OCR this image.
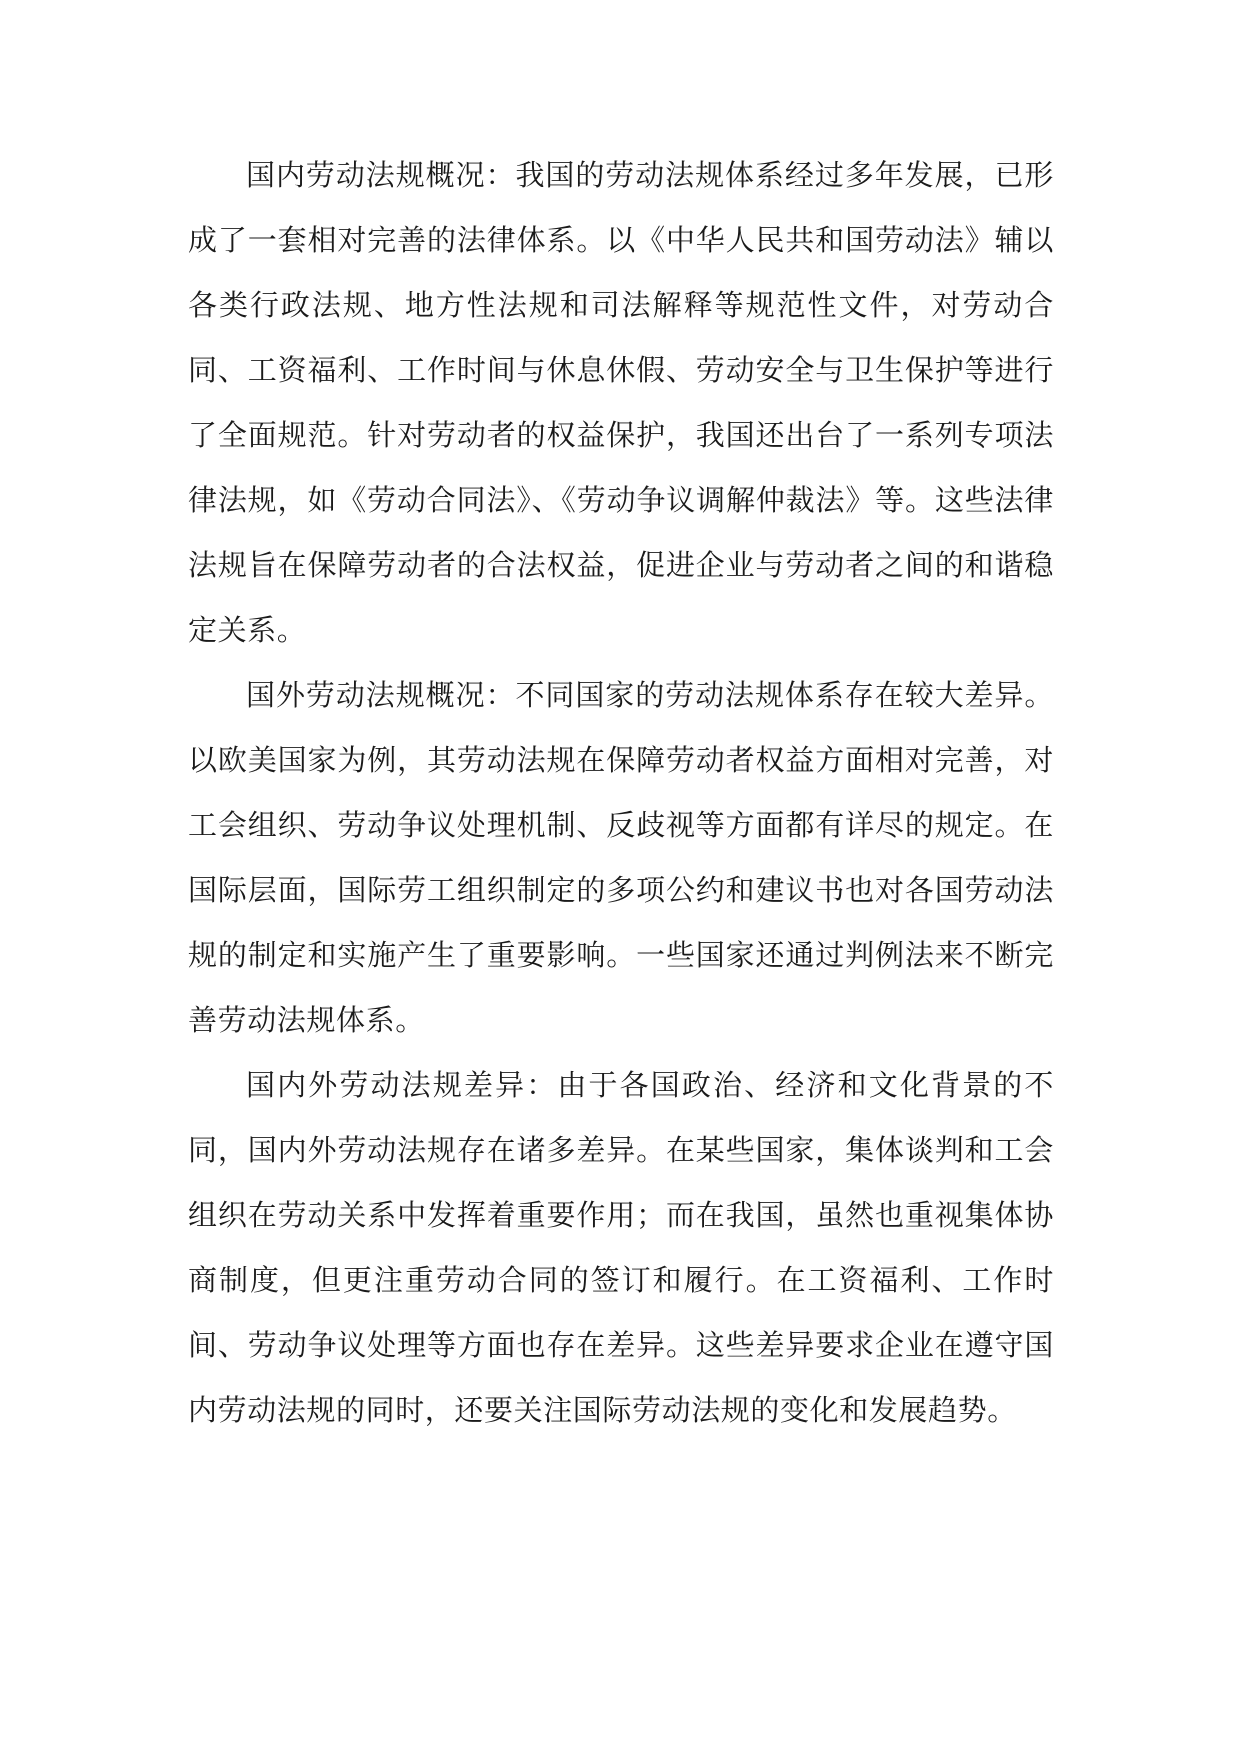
国内劳动法规概况：我国的劳动法规体系经过多年发展，已形成了一套相对完善的法律体系。以《中华人民共和国劳动法》辅以各类行政法规、地方性法规和司法解释等规范性文件，对劳动合同、工资福利、工作时间与休息休假、劳动安全与卫生保护等进行了全面规范。针对劳动者的权益保护，我国还出台了一系列专项法律法规，如《劳动合同法》、《劳动争议调解仲裁法》等。这些法律法规旨在保障劳动者的合法权益，促进企业与劳动者之间的和谐稳定关系。

国外劳动法规概况：不同国家的劳动法规体系存在较大差异。以欧美国家为例，其劳动法规在保障劳动者权益方面相对完善，对工会组织、劳动争议处理机制、反歧视等方面都有详尽的规定。在国际层面，国际劳工组织制定的多项公约和建议书也对各国劳动法规的制定和实施产生了重要影响。一些国家还通过判例法来不断完善劳动法规体系。

国内外劳动法规差异：由于各国政治、经济和文化背景的不同，国内外劳动法规存在诸多差异。在某些国家，集体谈判和工会组织在劳动关系中发挥着重要作用；而在我国，虽然也重视集体协商制度，但更注重劳动合同的签订和履行。在工资福利、工作时间、劳动争议处理等方面也存在差异。这些差异要求企业在遵守国内劳动法规的同时，还要关注国际劳动法规的变化和发展趋势。
